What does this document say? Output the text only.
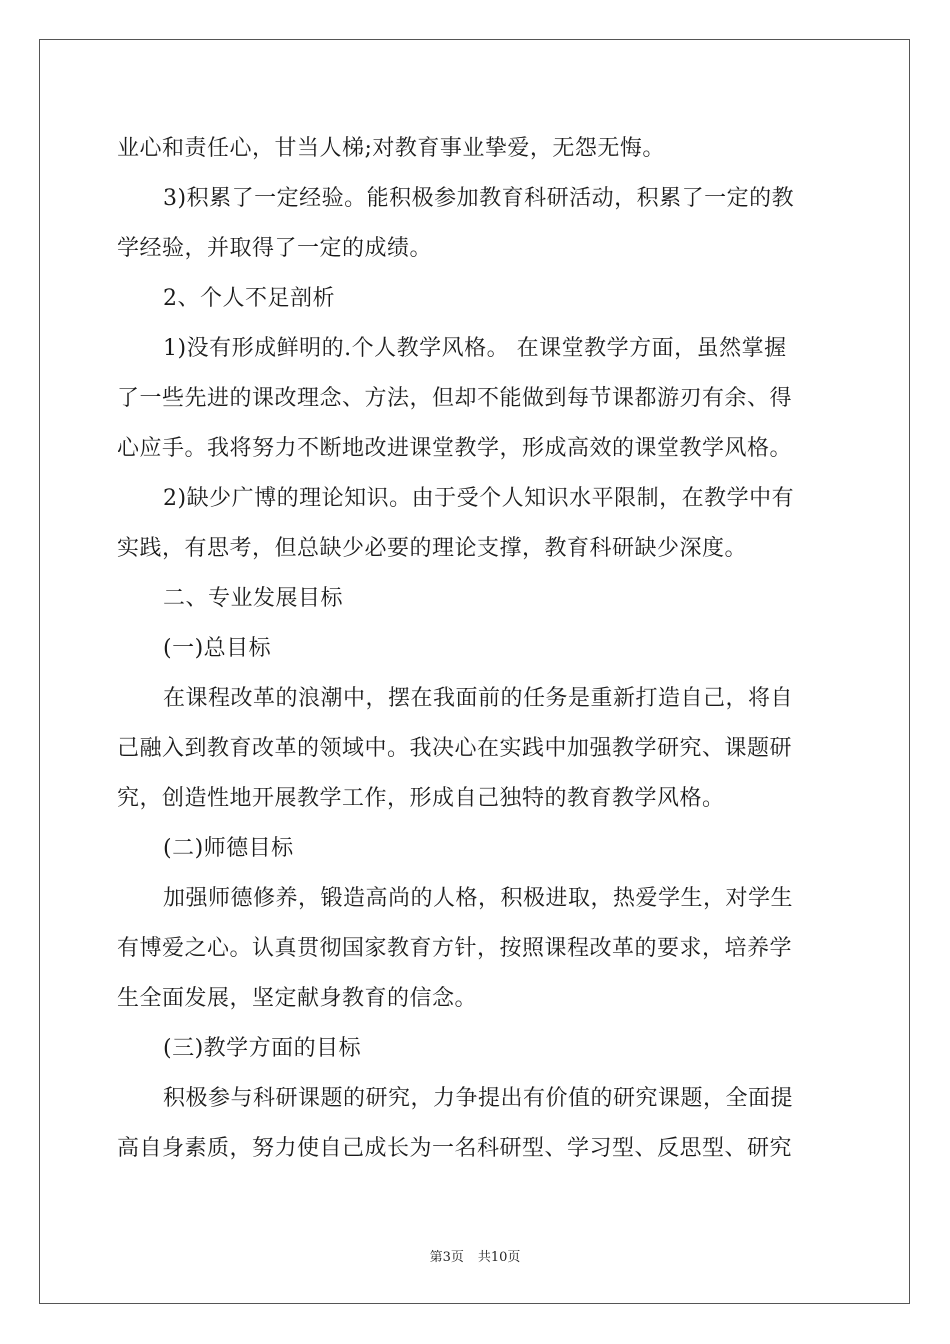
业心和责任心，甘当人梯;对教育事业挚爱，无怨无悔。
3)积累了一定经验。能积极参加教育科研活动，积累了一定的教
学经验，并取得了一定的成绩。
2、个人不足剖析
1)没有形成鲜明的.个人教学风格。 在课堂教学方面，虽然掌握
了一些先进的课改理念、方法，但却不能做到每节课都游刃有余、得
心应手。我将努力不断地改进课堂教学，形成高效的课堂教学风格。
2)缺少广博的理论知识。由于受个人知识水平限制，在教学中有
实践，有思考，但总缺少必要的理论支撑，教育科研缺少深度。
二、专业发展目标
(一)总目标
在课程改革的浪潮中，摆在我面前的任务是重新打造自己，将自
己融入到教育改革的领域中。我决心在实践中加强教学研究、课题研
究，创造性地开展教学工作，形成自己独特的教育教学风格。
(二)师德目标
加强师德修养，锻造高尚的人格，积极进取，热爱学生，对学生
有博爱之心。认真贯彻国家教育方针，按照课程改革的要求，培养学
生全面发展，坚定献身教育的信念。
(三)教学方面的目标
积极参与科研课题的研究，力争提出有价值的研究课题，全面提
高自身素质，努力使自己成长为一名科研型、学习型、反思型、研究
第3页 共10页
